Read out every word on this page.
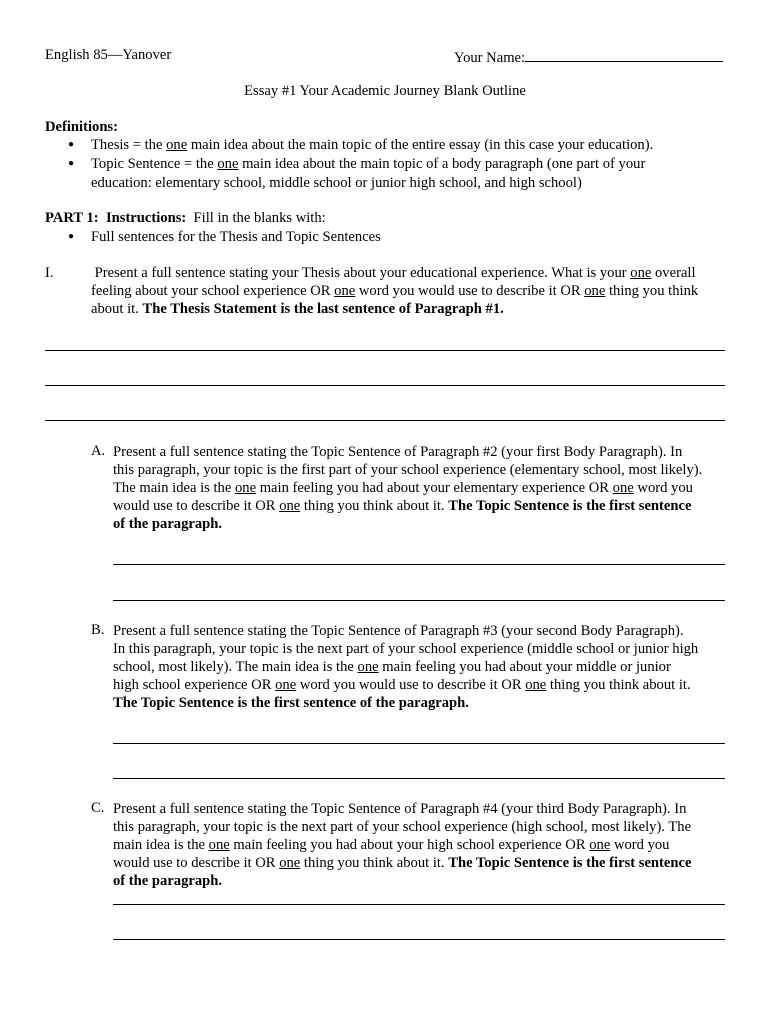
English 85—Yanover	Your Name:
Essay #1 Your Academic Journey Blank Outline
Definitions:
● Thesis = the one main idea about the main topic of the entire essay (in this case your education).
● Topic Sentence = the one main idea about the main topic of a body paragraph (one part of your
education: elementary school, middle school or junior high school, and high school)
PART 1: Instructions: Fill in the blanks with:
● Full sentences for the Thesis and Topic Sentences
I.	Present a full sentence stating your Thesis about your educational experience. What is your one overall
feeling about your school experience OR one word you would use to describe it OR one thing you think
about it. The Thesis Statement is the last sentence of Paragraph #1.
A. Present a full sentence stating the Topic Sentence of Paragraph #2 (your first Body Paragraph). In
this paragraph, your topic is the first part of your school experience (elementary school, most likely).
The main idea is the one main feeling you had about your elementary experience OR one word you
would use to describe it OR one thing you think about it. The Topic Sentence is the first sentence
of the paragraph.
B. Present a full sentence stating the Topic Sentence of Paragraph #3 (your second Body Paragraph).
In this paragraph, your topic is the next part of your school experience (middle school or junior high
school, most likely). The main idea is the one main feeling you had about your middle or junior
high school experience OR one word you would use to describe it OR one thing you think about it.
The Topic Sentence is the first sentence of the paragraph.
C. Present a full sentence stating the Topic Sentence of Paragraph #4 (your third Body Paragraph). In
this paragraph, your topic is the next part of your school experience (high school, most likely). The
main idea is the one main feeling you had about your high school experience OR one word you
would use to describe it OR one thing you think about it. The Topic Sentence is the first sentence
of the paragraph.
